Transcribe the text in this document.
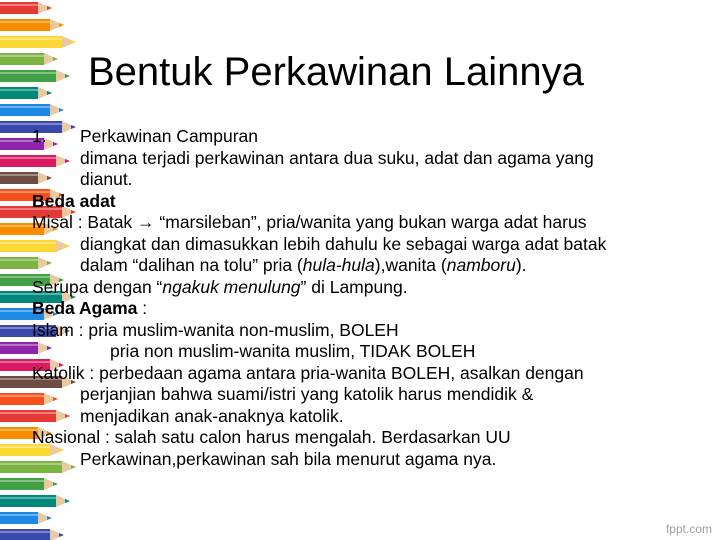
Bentuk Perkawinan Lainnya
1. Perkawinan Campuran
dimana terjadi perkawinan antara dua suku, adat dan agama yang
dianut.
Beda adat
Misal : Batak → “marsileban”, pria/wanita yang bukan warga adat harus
diangkat dan dimasukkan lebih dahulu ke sebagai warga adat batak
dalam “dalihan na tolu” pria (hula-hula),wanita (namboru).
Serupa dengan “ngakuk menulung” di Lampung.
Beda Agama :
Islam : pria muslim-wanita non-muslim, BOLEH
pria non muslim-wanita muslim, TIDAK BOLEH
Katolik : perbedaan agama antara pria-wanita BOLEH, asalkan dengan
perjanjian bahwa suami/istri yang katolik harus mendidik &
menjadikan anak-anaknya katolik.
Nasional : salah satu calon harus mengalah. Berdasarkan UU
Perkawinan,perkawinan sah bila menurut agama nya.
fppt.com
